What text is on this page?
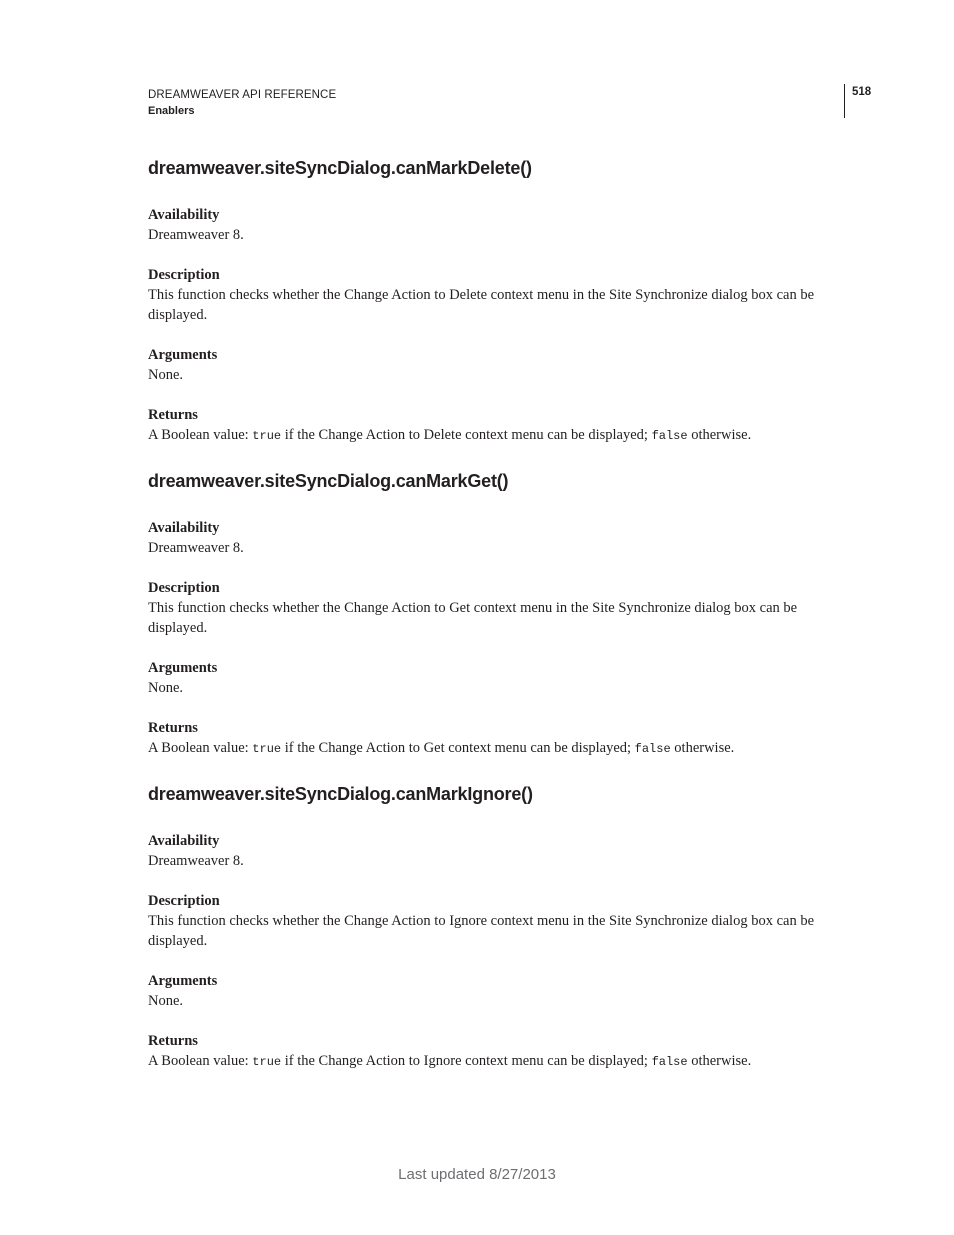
DREAMWEAVER API REFERENCE
Enablers
518
dreamweaver.siteSyncDialog.canMarkDelete()
Availability
Dreamweaver 8.
Description
This function checks whether the Change Action to Delete context menu in the Site Synchronize dialog box can be displayed.
Arguments
None.
Returns
A Boolean value: true if the Change Action to Delete context menu can be displayed; false otherwise.
dreamweaver.siteSyncDialog.canMarkGet()
Availability
Dreamweaver 8.
Description
This function checks whether the Change Action to Get context menu in the Site Synchronize dialog box can be displayed.
Arguments
None.
Returns
A Boolean value: true if the Change Action to Get context menu can be displayed; false otherwise.
dreamweaver.siteSyncDialog.canMarkIgnore()
Availability
Dreamweaver 8.
Description
This function checks whether the Change Action to Ignore context menu in the Site Synchronize dialog box can be displayed.
Arguments
None.
Returns
A Boolean value: true if the Change Action to Ignore context menu can be displayed; false otherwise.
Last updated 8/27/2013
